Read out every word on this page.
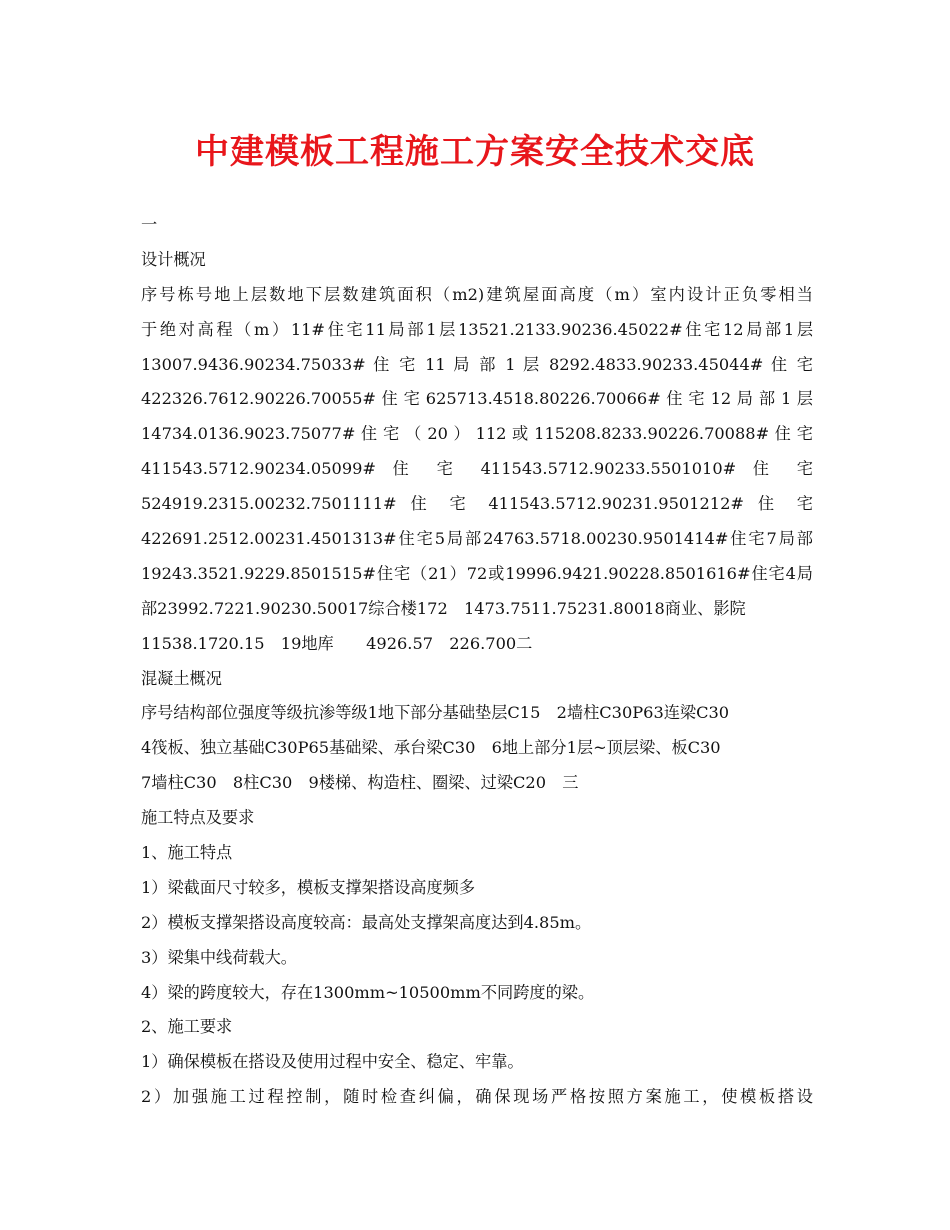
中建模板工程施工方案安全技术交底
一
设计概况
序号栋号地上层数地下层数建筑面积（m2)建筑屋面高度（m）室内设计正负零相当
于绝对高程（m）11#住宅11局部1层13521.2133.90236.45022#住宅12局部1层
13007.9436.90234.75033# 住 宅 11 局 部 1 层 8292.4833.90233.45044# 住 宅
422326.7612.90226.70055# 住 宅 625713.4518.80226.70066# 住 宅 12 局 部 1 层
14734.0136.9023.75077# 住 宅 （ 20 ） 112 或 115208.8233.90226.70088# 住 宅
411543.5712.90234.05099# 住 宅 411543.5712.90233.5501010# 住 宅
524919.2315.00232.7501111# 住 宅 411543.5712.90231.9501212# 住 宅
422691.2512.00231.4501313#住宅5局部24763.5718.00230.9501414#住宅7局部
19243.3521.9229.8501515#住宅（21）72或19996.9421.90228.8501616#住宅4局
部23992.7221.90230.50017综合楼172　1473.7511.75231.80018商业、影院
11538.1720.15　19地库　　4926.57　226.700二
混凝土概况
序号结构部位强度等级抗渗等级1地下部分基础垫层C15　2墙柱C30P63连梁C30
4筏板、独立基础C30P65基础梁、承台梁C30　6地上部分1层~顶层梁、板C30
7墙柱C30　8柱C30　9楼梯、构造柱、圈梁、过梁C20　三
施工特点及要求
1、施工特点
1）梁截面尺寸较多，模板支撑架搭设高度频多
2）模板支撑架搭设高度较高：最高处支撑架高度达到4.85m。
3）梁集中线荷载大。
4）梁的跨度较大，存在1300mm~10500mm不同跨度的梁。
2、施工要求
1）确保模板在搭设及使用过程中安全、稳定、牢靠。
2）加强施工过程控制，随时检查纠偏，确保现场严格按照方案施工，使模板搭设
